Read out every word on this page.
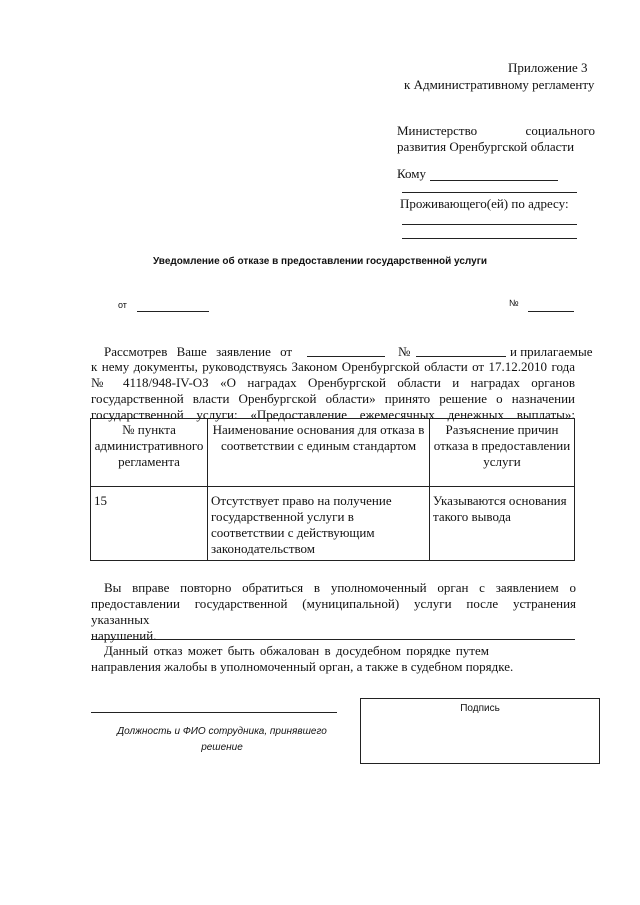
Приложение 3
к Административному регламенту
Министерство социального
развития Оренбургской области
Кому
Проживающего(ей) по адресу:
Уведомление об отказе в предоставлении государственной услуги
от	№
Рассмотрев Ваше заявление от	№	и прилагаемые
к нему документы, руководствуясь Законом Оренбургской области от 17.12.2010 года
№ 4118/948-IV-ОЗ «О наградах Оренбургской области и наградах органов
государственной власти Оренбургской области» принято решение о назначении
государственной услуги: «Предоставление ежемесячных денежных выплаты»:
№ пункта административного регламента	Наименование основания для отказа в соответствии с единым стандартом	Разъяснение причин отказа в предоставлении услуги
15	Отсутствует право на получение государственной услуги в соответствии с действующим законодательством	Указываются основания такого вывода
Вы вправе повторно обратиться в уполномоченный орган с заявлением о
предоставлении государственной (муниципальной) услуги после устранения указанных
нарушений.
Данный отказ может быть обжалован в досудебном порядке путем
направления жалобы в уполномоченный орган, а также в судебном порядке.
Должность и ФИО сотрудника, принявшего
решение
Подпись
